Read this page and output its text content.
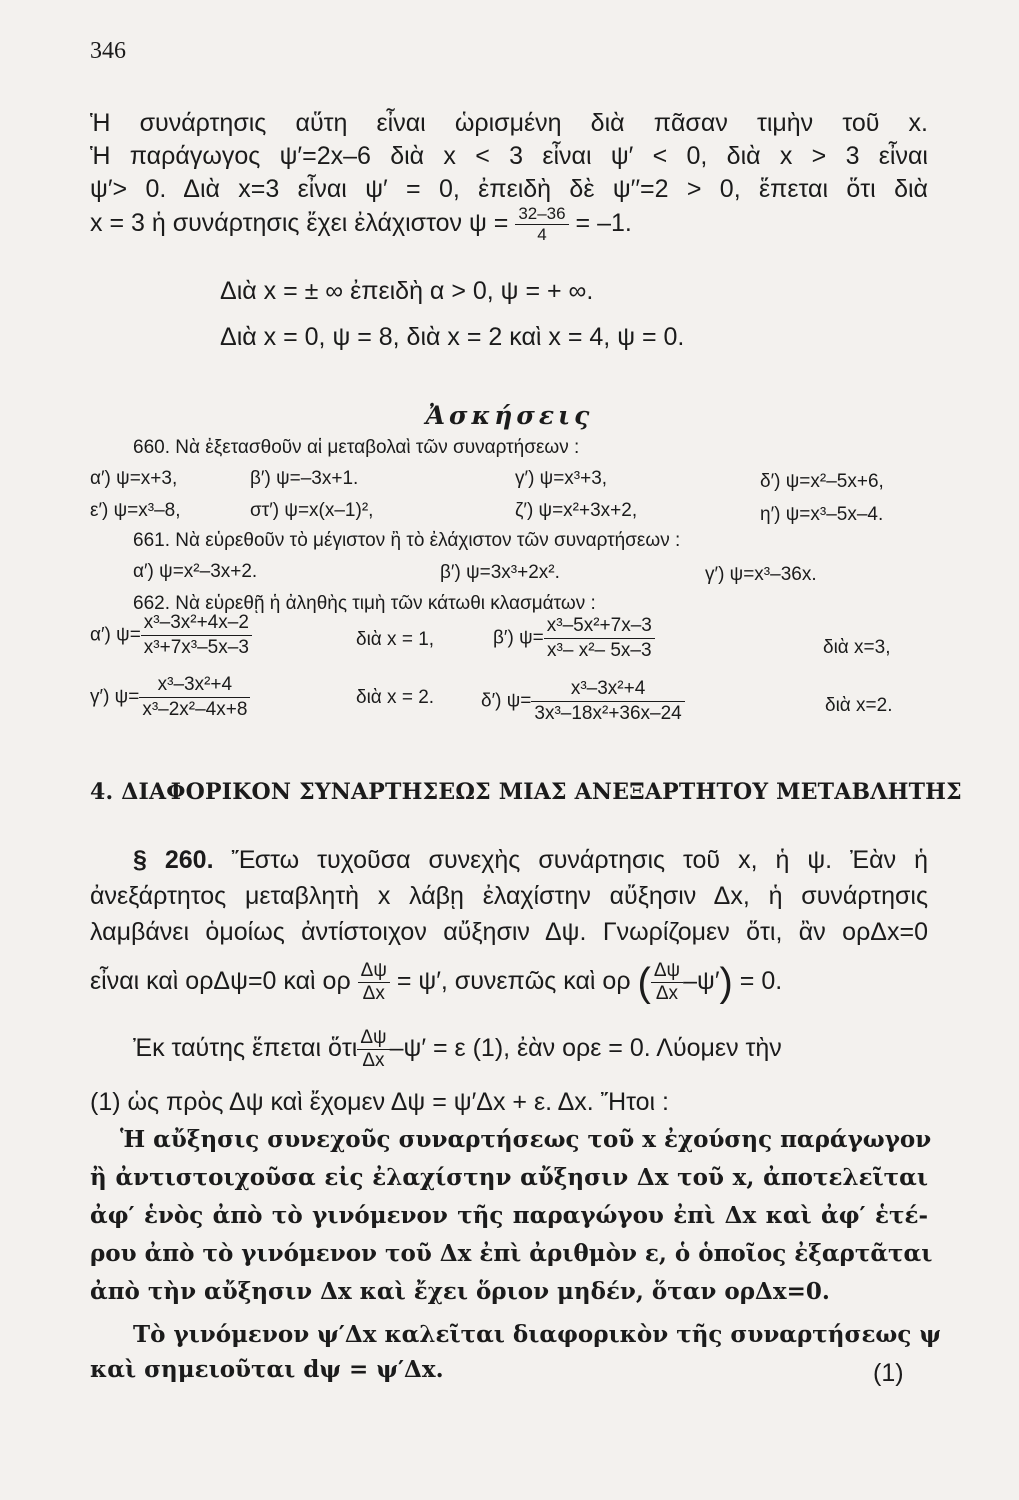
346
Ἡ συνάρτησις αὕτη εἶναι ὡρισμένη διὰ πᾶσαν τιμὴν τοῦ x.
Ἡ παράγωγος ψ′=2x–6 διὰ x < 3 εἶναι ψ′ < 0, διὰ x > 3 εἶναι
ψ′> 0. Διὰ x=3 εἶναι ψ′ = 0, ἐπειδὴ δὲ ψ′′=2 > 0, ἕπεται ὅτι διὰ
x = 3 ἡ συνάρτησις ἔχει ἐλάχιστον $\psi = \frac{32-36}{4} = -1$.
Διὰ x = ± ∞ ἐπειδὴ α > 0, ψ = + ∞.
Διὰ x = 0, ψ = 8, διὰ x = 2 καὶ x = 4, ψ = 0.
Ἀσκήσεις
660. Νὰ ἐξετασθοῦν αἱ μεταβολαὶ τῶν συναρτήσεων :
α′) ψ=x+3,	β′) ψ=–3x+1.	γ′) ψ=x³+3,	δ′) ψ=x²–5x+6,
ε′) ψ=x³–8,	στ′) ψ=x(x–1)²,	ζ′) ψ=x²+3x+2,	η′) ψ=x³–5x–4.
661. Νὰ εὑρεθοῦν τὸ μέγιστον ἢ τὸ ἐλάχιστον τῶν συναρτήσεων :
α′) ψ=x²–3x+2.	β′) ψ=3x³+2x².	γ′) ψ=x³–36x.
662. Νὰ εὑρεθῇ ἡ ἀληθὴς τιμὴ τῶν κάτωθι κλασμάτων :
α′) $\psi= \frac{\text{x³–3x²+4x–2}}{\text{x³+7x³–5x–3}}$	διὰ x = 1,	β′) $\psi= \frac{\text{x³–5x²+7x–3}}{\text{x³– x²– 5x–3}}$	διὰ x=3,
γ′) $\psi= \frac{\text{x³–3x²+4}}{\text{x³–2x²–4x+8}}$	διὰ x = 2. δ′) $\psi= \frac{\text{x³–3x²+4}}{\text{3x³–18x²+36x–24}}$	διὰ x=2.
4. ΔΙΑΦΟΡΙΚΟΝ ΣΥΝΑΡΤΗΣΕΩΣ ΜΙΑΣ ΑΝΕΞΑΡΤΗΤΟΥ ΜΕΤΑΒΛΗΤΗΣ
§ 260. Ἔστω τυχοῦσα συνεχὴς συνάρτησις τοῦ x, ἡ ψ. Ἐὰν ἡ
ἀνεξάρτητος μεταβλητὴ x λάβῃ ἐλαχίστην αὔξησιν Δx, ἡ συνάρτησις
λαμβάνει ὁμοίως ἀντίστοιχον αὔξησιν Δψ. Γνωρίζομεν ὅτι, ἂν ορΔx=0
εἶναι καὶ ορΔψ=0 καὶ ορ $\frac{\Delta\psi}{\Delta x} = \psi'$, συνεπῶς καὶ ορ ( $\frac{\Delta\psi}{\Delta x} -\psi') = 0$.
Ἐκ ταύτης ἕπεται ὅτι $\frac{\Delta\psi}{\Delta x} -\psi' = \varepsilon$ (1), ἐὰν ορε = 0. Λύομεν τὴν
(1) ὡς πρὸς Δψ καὶ ἔχομεν Δψ = ψ′Δx + ε. Δx. Ἤτοι :
Ἡ αὔξησις συνεχοῦς συναρτήσεως τοῦ x ἐχούσης παράγωγον
ἢ ἀντιστοιχοῦσα εἰς ἐλαχίστην αὔξησιν Δx τοῦ x, ἀποτελεῖται
ἀφ′ ἑνὸς ἀπὸ τὸ γινόμενον τῆς παραγώγου ἐπὶ Δx καὶ ἀφ′ ἑτέ-
ρου ἀπὸ τὸ γινόμενον τοῦ Δx ἐπὶ ἀριθμὸν ε, ὁ ὁποῖος ἐξαρτᾶται
ἀπὸ τὴν αὔξησιν Δx καὶ ἔχει ὅριον μηδέν, ὅταν ορΔx=0.
Τὸ γινόμενον ψ′Δx καλεῖται διαφορικὸν τῆς συναρτήσεως ψ
καὶ σημειοῦται dψ = ψ′Δx.	(1)
